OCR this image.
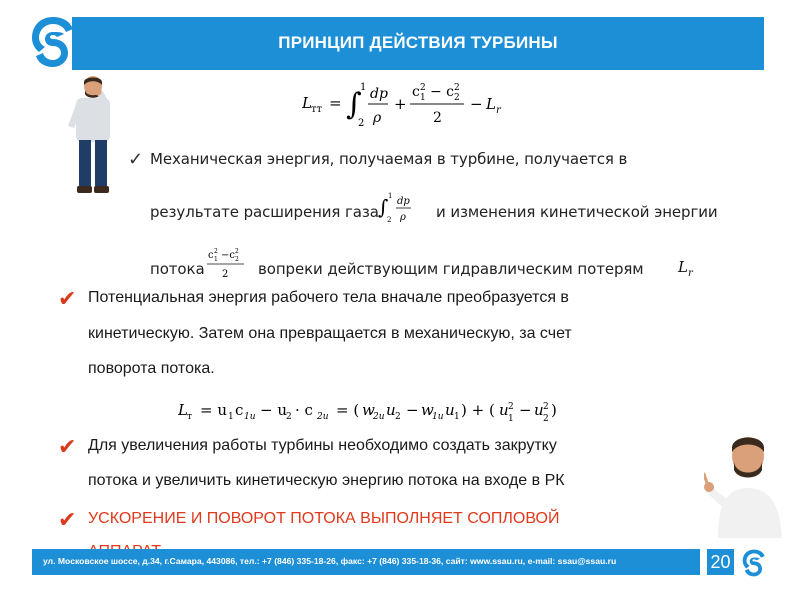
ПРИНЦИП ДЕЙСТВИЯ ТУРБИНЫ
L тт = ∫
1
2
dp
ρ
+
c 2
1 − c 2
2
2
− L r
✓ Механическая энергия, получаемая в турбине, получается в
результате расширения газа ∫ 1
2
dp
ρ и изменения кинетической энергии
потока
c 2
1 −c 2
2
2 вопреки действующим гидравлическим потерям $L_r$
✔ Потенциальная энергия рабочего тела вначале преобразуется в
кинетическую. Затем она превращается в механическую, за счет
поворота потока.
L т = u 1 c 1u − u 2 · c 2u = ( w
2u u 2 − w
1u u 1 ) + ( u 2
1 − u 2
2 )
✔ Для увеличения работы турбины необходимо создать закрутку
потока и увеличить кинетическую энергию потока на входе в РК
✔ УСКОРЕНИЕ И ПОВОРОТ ПОТОКА ВЫПОЛНЯЕТ СОПЛОВОЙ
ул. Московское шоссе, д.34, г.Самара, 443086, тел.: +7 (846) 335-18-26, факс: +7 (846) 335-18-36, сайт: www.ssau.ru, e-mail: ssau@ssau.ru	20
